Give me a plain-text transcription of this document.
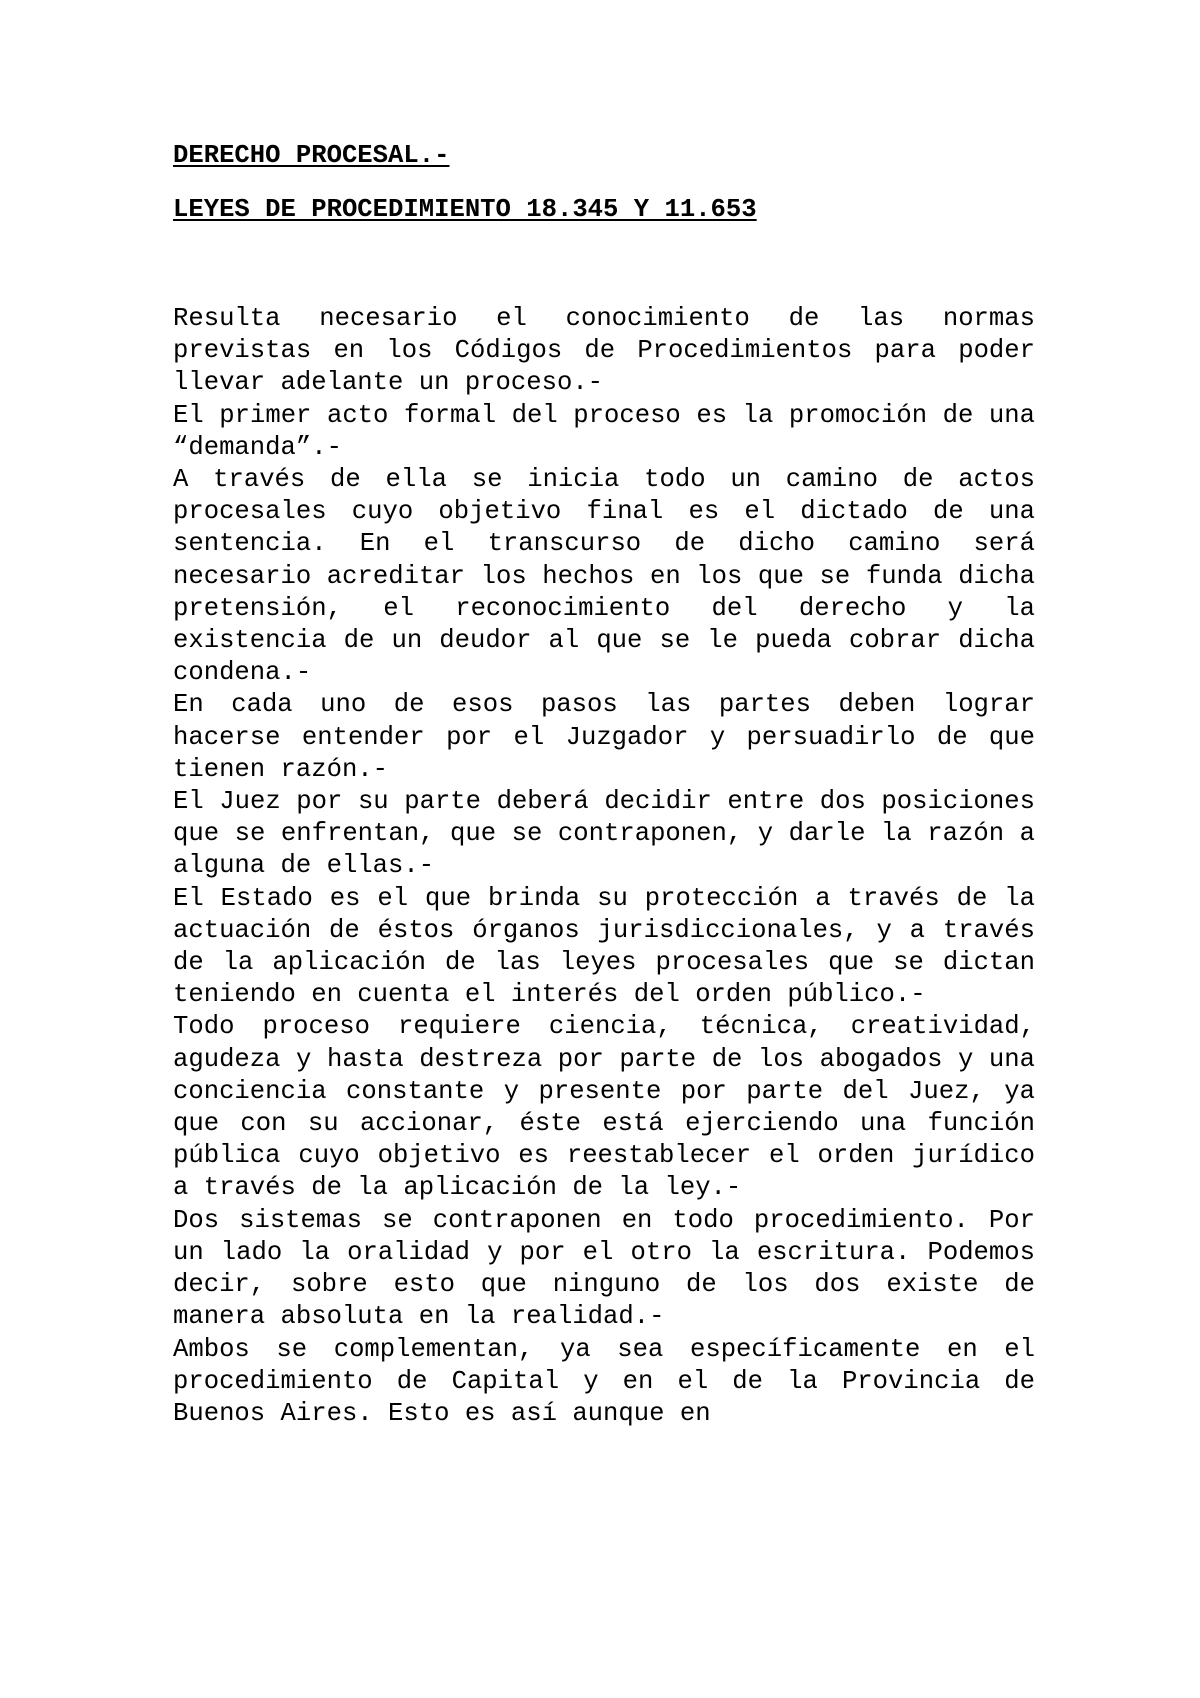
DERECHO PROCESAL.-
LEYES DE PROCEDIMIENTO 18.345 Y 11.653

Resulta necesario el conocimiento de las normas previstas en los Códigos de Procedimientos para poder llevar adelante un proceso.-

El primer acto formal del proceso es la promoción de una “demanda”.-

A través de ella se inicia todo un camino de actos procesales cuyo objetivo final es el dictado de una sentencia. En el transcurso de dicho camino será necesario acreditar los hechos en los que se funda dicha pretensión, el reconocimiento del derecho y la existencia de un deudor al que se le pueda cobrar dicha condena.-

En cada uno de esos pasos las partes deben lograr hacerse entender por el Juzgador y persuadirlo de que tienen razón.-

El Juez por su parte deberá decidir entre dos posiciones que se enfrentan, que se contraponen, y darle la razón a alguna de ellas.-

El Estado es el que brinda su protección a través de la actuación de éstos órganos jurisdiccionales, y a través de la aplicación de las leyes procesales que se dictan teniendo en cuenta el interés del orden público.-

Todo proceso requiere ciencia, técnica, creatividad, agudeza y hasta destreza por parte de los abogados y una conciencia constante y presente por parte del Juez, ya que con su accionar, éste está ejerciendo una función pública cuyo objetivo es reestablecer el orden jurídico a través de la aplicación de la ley.-

Dos sistemas se contraponen en todo procedimiento. Por un lado la oralidad y por el otro la escritura. Podemos decir, sobre esto que ninguno de los dos existe de manera absoluta en la realidad.-

Ambos se complementan, ya sea específicamente en el procedimiento de Capital y en el de la Provincia de Buenos Aires. Esto es así aunque en
